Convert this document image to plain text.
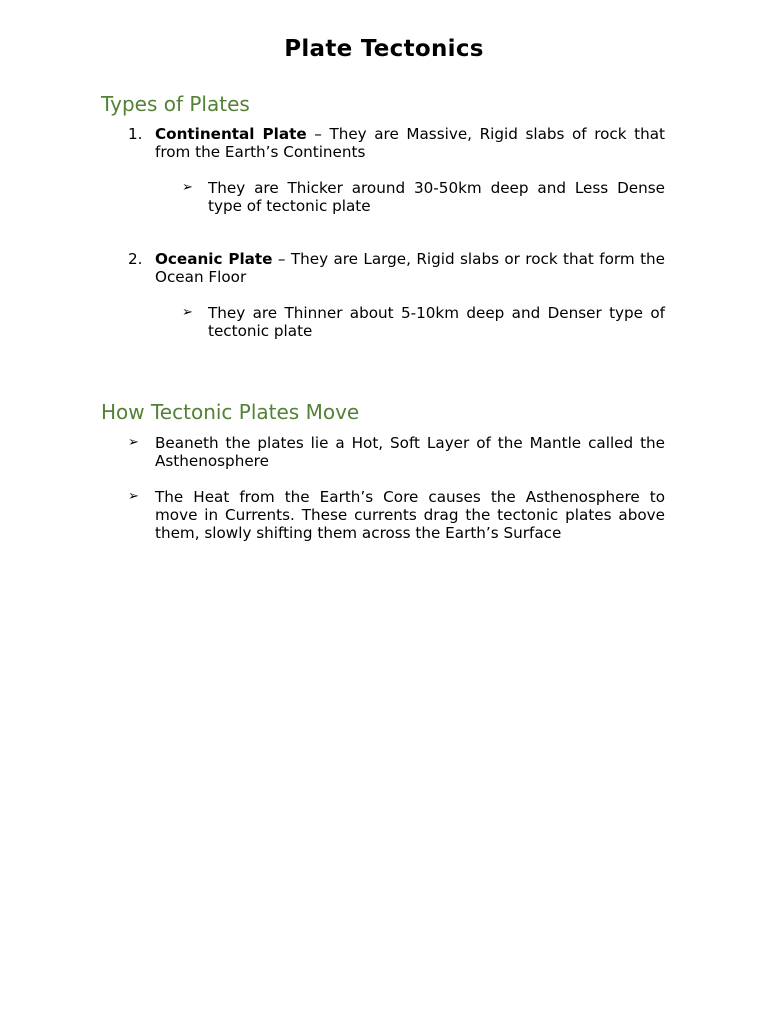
Plate Tectonics
Types of Plates
1. Continental Plate – They are Massive, Rigid slabs of rock that from the Earth’s Continents
➢ They are Thicker around 30-50km deep and Less Dense type of tectonic plate
2. Oceanic Plate – They are Large, Rigid slabs or rock that form the Ocean Floor
➢ They are Thinner about 5-10km deep and Denser type of tectonic plate
How Tectonic Plates Move
➢ Beaneth the plates lie a Hot, Soft Layer of the Mantle called the Asthenosphere
➢ The Heat from the Earth’s Core causes the Asthenosphere to move in Currents. These currents drag the tectonic plates above them, slowly shifting them across the Earth’s Surface
